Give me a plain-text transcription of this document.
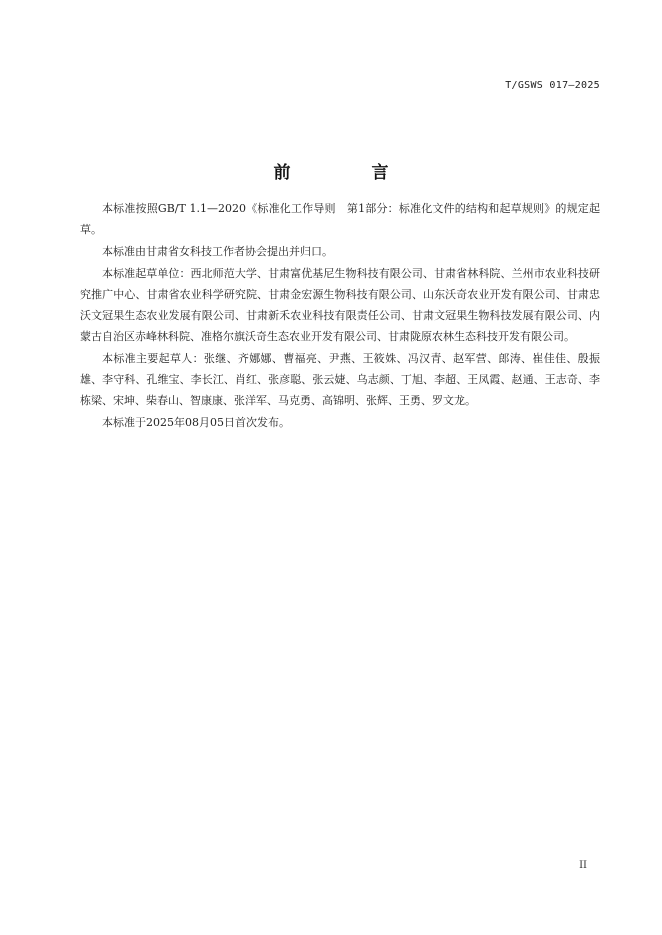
T/GSWS 017—2025
前　言

本标准按照GB/T 1.1—2020《标准化工作导则　第1部分：标准化文件的结构和起草规则》的规定起草。

本标准由甘肃省女科技工作者协会提出并归口。

本标准起草单位：西北师范大学、甘肃富优基尼生物科技有限公司、甘肃省林科院、兰州市农业科技研究推广中心、甘肃省农业科学研究院、甘肃金宏源生物科技有限公司、山东沃奇农业开发有限公司、甘肃忠沃文冠果生态农业发展有限公司、甘肃新禾农业科技有限责任公司、甘肃文冠果生物科技发展有限公司、内蒙古自治区赤峰林科院、准格尔旗沃奇生态农业开发有限公司、甘肃陇原农林生态科技开发有限公司。

本标准主要起草人：张继、齐娜娜、曹福亮、尹燕、王筱姝、冯汉青、赵军营、郎涛、崔佳佳、殷振雄、李守科、孔维宝、李长江、肖红、张彦聪、张云婕、乌志颜、丁旭、李超、王凤霞、赵通、王志奇、李栋梁、宋坤、柴春山、智康康、张洋军、马克勇、高锦明、张辉、王勇、罗文龙。

本标准于2025年08月05日首次发布。

II
